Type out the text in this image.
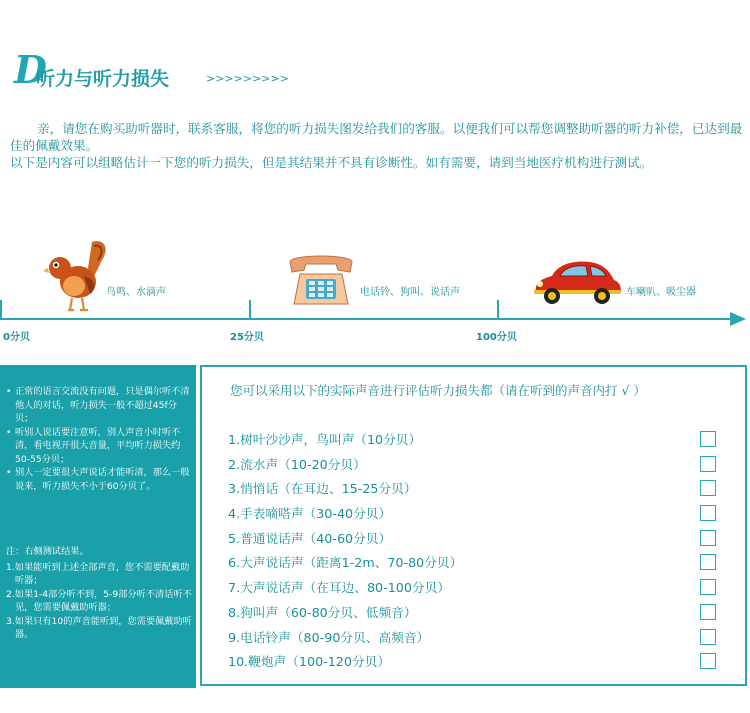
D
听力与听力损失	>>>>>>>>>

亲，请您在购买助听器时，联系客服，将您的听力损失图发给我们的客服。以便我们可以帮您调整助听器的听力补偿，已达到最佳的佩戴效果。

以下是内容可以组略估计一下您的听力损失，但是其结果并不具有诊断性。如有需要，请到当地医疗机构进行测试。

鸟鸣、水滴声	电话铃、狗叫、说话声	车喇叭、吸尘器
0分贝	25分贝	100分贝
• 正常的语言交流没有问题，只是偶尔听不清他人的对话，听力损失一般不超过45f分贝；
• 听别人说话要注意听，别人声音小时听不清，看电视开很大音量，平均听力损失约50-55分贝；
• 别人一定要很大声说话才能听清，那么一般说来，听力损失不小于60分贝了。
注：右侧测试结果。
1.如果能听到上述全部声音，您不需要配戴助听器；
2.如果1-4部分听不到，5-9部分听不清话听不见，您需要佩戴助听器；
3.如果只有10的声音能听到，您需要佩戴助听器。
您可以采用以下的实际声音进行评估听力损失都（请在听到的声音内打 √ ）
1.树叶沙沙声，鸟叫声（10分贝）
2.流水声（10-20分贝）
3.悄悄话（在耳边、15-25分贝）
4.手表嘀嗒声（30-40分贝）
5.普通说话声（40-60分贝）
6.大声说话声（距离1-2m、70-80分贝）
7.大声说话声（在耳边、80-100分贝）
8.狗叫声（60-80分贝、低频音）
9.电话铃声（80-90分贝、高频音）
10.鞭炮声（100-120分贝）
